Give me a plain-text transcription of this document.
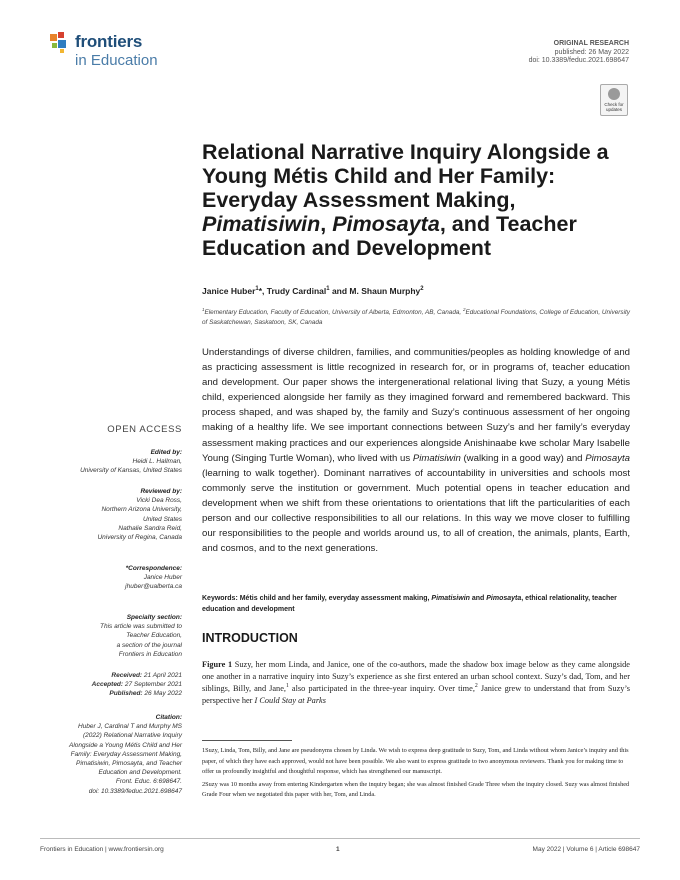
frontiers
in Education
ORIGINAL RESEARCH
published: 26 May 2022
doi: 10.3389/feduc.2021.698647
Check for updates
Relational Narrative Inquiry Alongside a Young Métis Child and Her Family: Everyday Assessment Making, Pimatisiwin, Pimosayta, and Teacher Education and Development
Janice Huber$^1$*, Trudy Cardinal$^1$ and M. Shaun Murphy$^2$
$^1$Elementary Education, Faculty of Education, University of Alberta, Edmonton, AB, Canada, $^2$Educational Foundations, College of Education, University of Saskatchewan, Saskatoon, SK, Canada
Understandings of diverse children, families, and communities/peoples as holding knowledge of and as practicing assessment is little recognized in research for, or in programs of, teacher education and development. Our paper shows the intergenerational relational living that Suzy, a young Métis child, experienced alongside her family as they imagined forward and remembered backward. This process shaped, and was shaped by, the family and Suzy’s continuous assessment of her ongoing making of a healthy life. We see important connections between Suzy’s and her family’s everyday assessment making practices and our experiences alongside Anishinaabe kwe scholar Mary Isabelle Young (Singing Turtle Woman), who lived with us Pimatisiwin (walking in a good way) and Pimosayta (learning to walk together). Dominant narratives of accountability in universities and schools most commonly serve the institution or government. Much potential opens in teacher education and development when we shift from these orientations to orientations that lift the particularities of each person and our collective responsibilities to all our relations. In this way we move closer to fulfilling our responsibilities to the people and worlds around us, to all of creation, the animals, plants, Earth, and cosmos, and to the next generations.
Keywords: Métis child and her family, everyday assessment making, Pimatisiwin and Pimosayta, ethical relationality, teacher education and development
INTRODUCTION
Figure 1 Suzy, her mom Linda, and Janice, one of the co-authors, made the shadow box image below as they came alongside one another in a narrative inquiry into Suzy’s experience as she first entered an urban school context. Suzy’s dad, Tom, and her siblings, Billy, and Jane,$^1$ also participated in the three-year inquiry. Over time,$^2$ Janice grew to understand that from Suzy’s perspective her I Could Stay at Parks

1Suzy, Linda, Tom, Billy, and Jane are pseudonyms chosen by Linda. We wish to express deep gratitude to Suzy, Tom, and Linda without whom Janice’s inquiry and this paper, of which they have each approved, would not have been possible. We also want to express gratitude to two anonymous reviewers. Thank you for making time to offer us profoundly insightful and thoughtful response, which has strengthened our manuscript.

2Suzy was 10 months away from entering Kindergarten when the inquiry began; she was almost finished Grade Three when the inquiry closed. Suzy was almost finished Grade Four when we negotiated this paper with her, Tom, and Linda.

OPEN ACCESS
Edited by:
Heidi L. Hallman,
University of Kansas, United States
Reviewed by:
Vicki Dea Ross,
Northern Arizona University,
United States
Nathalie Sandra Reid,
University of Regina, Canada
*Correspondence:
Janice Huber
jhuber@ualberta.ca
Specialty section:
This article was submitted to
Teacher Education,
a section of the journal
Frontiers in Education
Received: 21 April 2021
Accepted: 27 September 2021
Published: 26 May 2022
Citation:
Huber J, Cardinal T and Murphy MS
(2022) Relational Narrative Inquiry
Alongside a Young Métis Child and Her
Family: Everyday Assessment Making,
Pimatisiwin, Pimosayta, and Teacher
Education and Development.
Front. Educ. 6:698647.
doi: 10.3389/feduc.2021.698647
Frontiers in Education | www.frontiersin.org	1	May 2022 | Volume 6 | Article 698647
